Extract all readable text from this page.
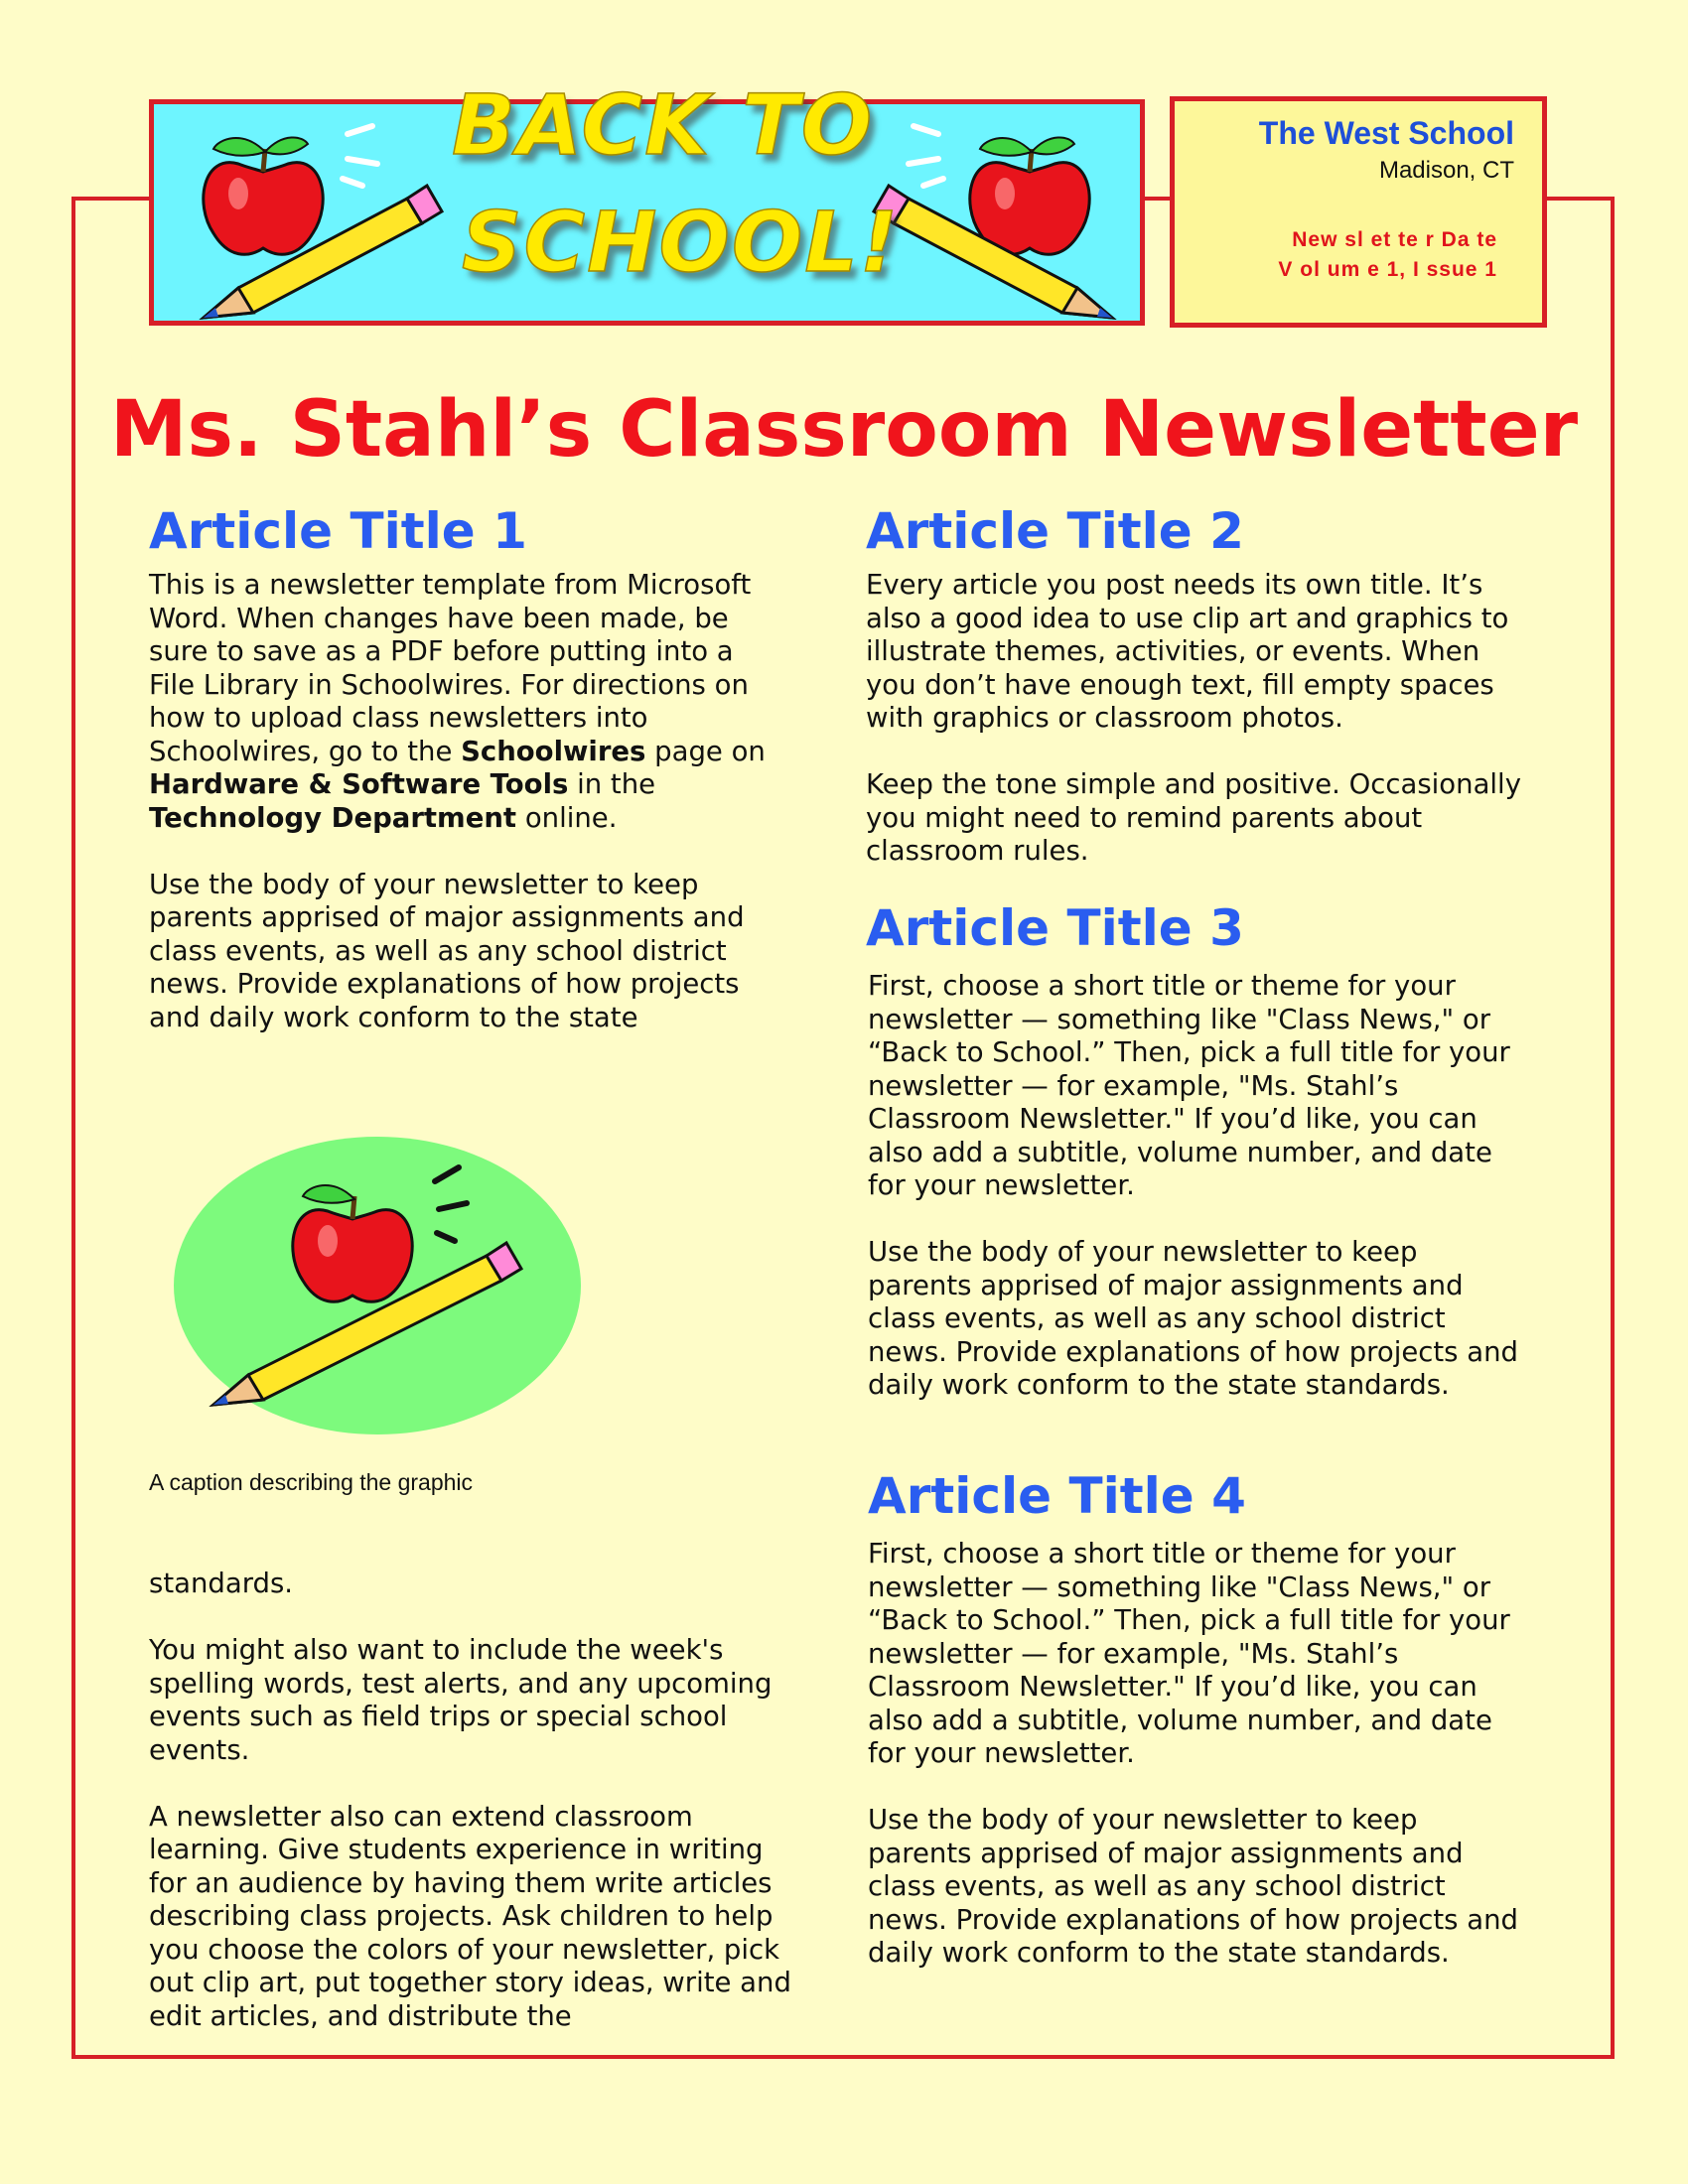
BACK TO
SCHOOL!
The West School
Madison, CT
New sl et te r Da te
V ol um e 1, I ssue 1
Ms. Stahl’s Classroom Newsletter
Article Title 1

This is a newsletter template from Microsoft Word. When changes have been made, be sure to save as a PDF before putting into a File Library in Schoolwires. For directions on how to upload class newsletters into Schoolwires, go to the Schoolwires page on Hardware & Software Tools in the Technology Department online.

Use the body of your newsletter to keep parents apprised of major assignments and class events, as well as any school district news. Provide explanations of how projects and daily work conform to the state

A caption describing the graphic

standards.

You might also want to include the week's spelling words, test alerts, and any upcoming events such as field trips or special school events.

A newsletter also can extend classroom learning. Give students experience in writing for an audience by having them write articles describing class projects. Ask children to help you choose the colors of your newsletter, pick out clip art, put together story ideas, write and edit articles, and distribute the

Article Title 2

Every article you post needs its own title. It’s also a good idea to use clip art and graphics to illustrate themes, activities, or events. When you don’t have enough text, fill empty spaces with graphics or classroom photos.

Keep the tone simple and positive. Occasionally you might need to remind parents about classroom rules.

Article Title 3

First, choose a short title or theme for your newsletter — something like "Class News," or “Back to School.” Then, pick a full title for your newsletter — for example, "Ms. Stahl’s Classroom Newsletter." If you’d like, you can also add a subtitle, volume number, and date for your newsletter.

Use the body of your newsletter to keep parents apprised of major assignments and class events, as well as any school district news. Provide explanations of how projects and daily work conform to the state standards.

Article Title 4

First, choose a short title or theme for your newsletter — something like "Class News," or “Back to School.” Then, pick a full title for your newsletter — for example, "Ms. Stahl’s Classroom Newsletter." If you’d like, you can also add a subtitle, volume number, and date for your newsletter.

Use the body of your newsletter to keep parents apprised of major assignments and class events, as well as any school district news. Provide explanations of how projects and daily work conform to the state standards.
